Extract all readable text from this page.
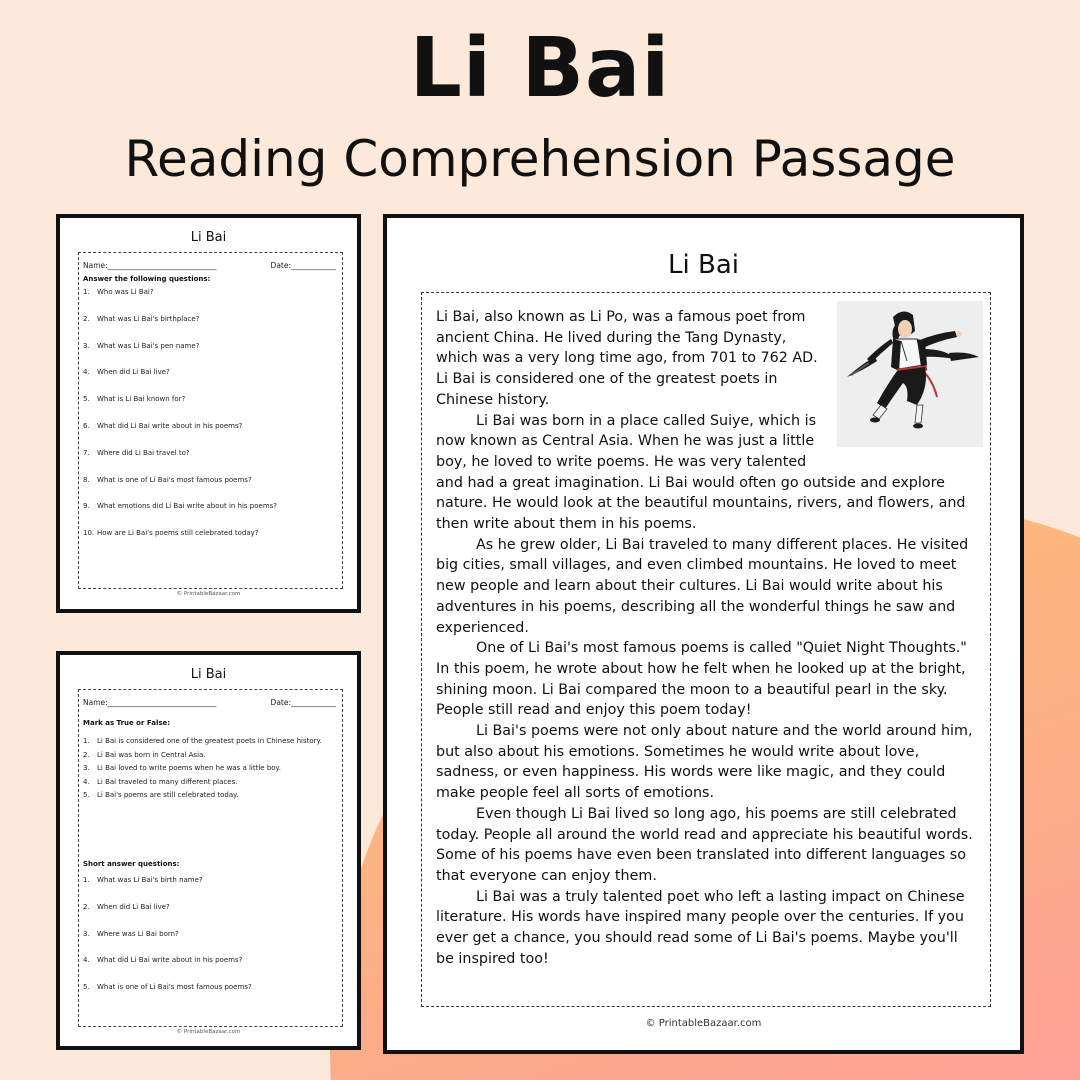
Li Bai
Reading Comprehension Passage
Li Bai
Name:_____________________________	Date:____________
Answer the following questions:
1. Who was Li Bai?
2. What was Li Bai's birthplace?
3. What was Li Bai's pen name?
4. When did Li Bai live?
5. What is Li Bai known for?
6. What did Li Bai write about in his poems?
7. Where did Li Bai travel to?
8. What is one of Li Bai's most famous poems?
9. What emotions did Li Bai write about in his poems?
10. How are Li Bai's poems still celebrated today?
© PrintableBazaar.com
Li Bai
Name:_____________________________	Date:____________
Mark as True or False:
1. Li Bai is considered one of the greatest poets in Chinese history.
2. Li Bai was born in Central Asia.
3. Li Bai loved to write poems when he was a little boy.
4. Li Bai traveled to many different places.
5. Li Bai's poems are still celebrated today.
Short answer questions:
1. What was Li Bai's birth name?
2. When did Li Bai live?
3. Where was Li Bai born?
4. What did Li Bai write about in his poems?
5. What is one of Li Bai's most famous poems?
© PrintableBazaar.com
Li Bai

Li Bai, also known as Li Po, was a famous poet from ancient China. He lived during the Tang Dynasty, which was a very long time ago, from 701 to 762 AD. Li Bai is considered one of the greatest poets in Chinese history.

Li Bai was born in a place called Suiye, which is now known as Central Asia. When he was just a little boy, he loved to write poems. He was very talented and had a great imagination. Li Bai would often go outside and explore nature. He would look at the beautiful mountains, rivers, and flowers, and then write about them in his poems.

As he grew older, Li Bai traveled to many different places. He visited big cities, small villages, and even climbed mountains. He loved to meet new people and learn about their cultures. Li Bai would write about his adventures in his poems, describing all the wonderful things he saw and experienced.

One of Li Bai's most famous poems is called "Quiet Night Thoughts." In this poem, he wrote about how he felt when he looked up at the bright, shining moon. Li Bai compared the moon to a beautiful pearl in the sky. People still read and enjoy this poem today!

Li Bai's poems were not only about nature and the world around him, but also about his emotions. Sometimes he would write about love, sadness, or even happiness. His words were like magic, and they could make people feel all sorts of emotions.

Even though Li Bai lived so long ago, his poems are still celebrated today. People all around the world read and appreciate his beautiful words. Some of his poems have even been translated into different languages so that everyone can enjoy them.

Li Bai was a truly talented poet who left a lasting impact on Chinese literature. His words have inspired many people over the centuries. If you ever get a chance, you should read some of Li Bai's poems. Maybe you'll be inspired too!

© PrintableBazaar.com
